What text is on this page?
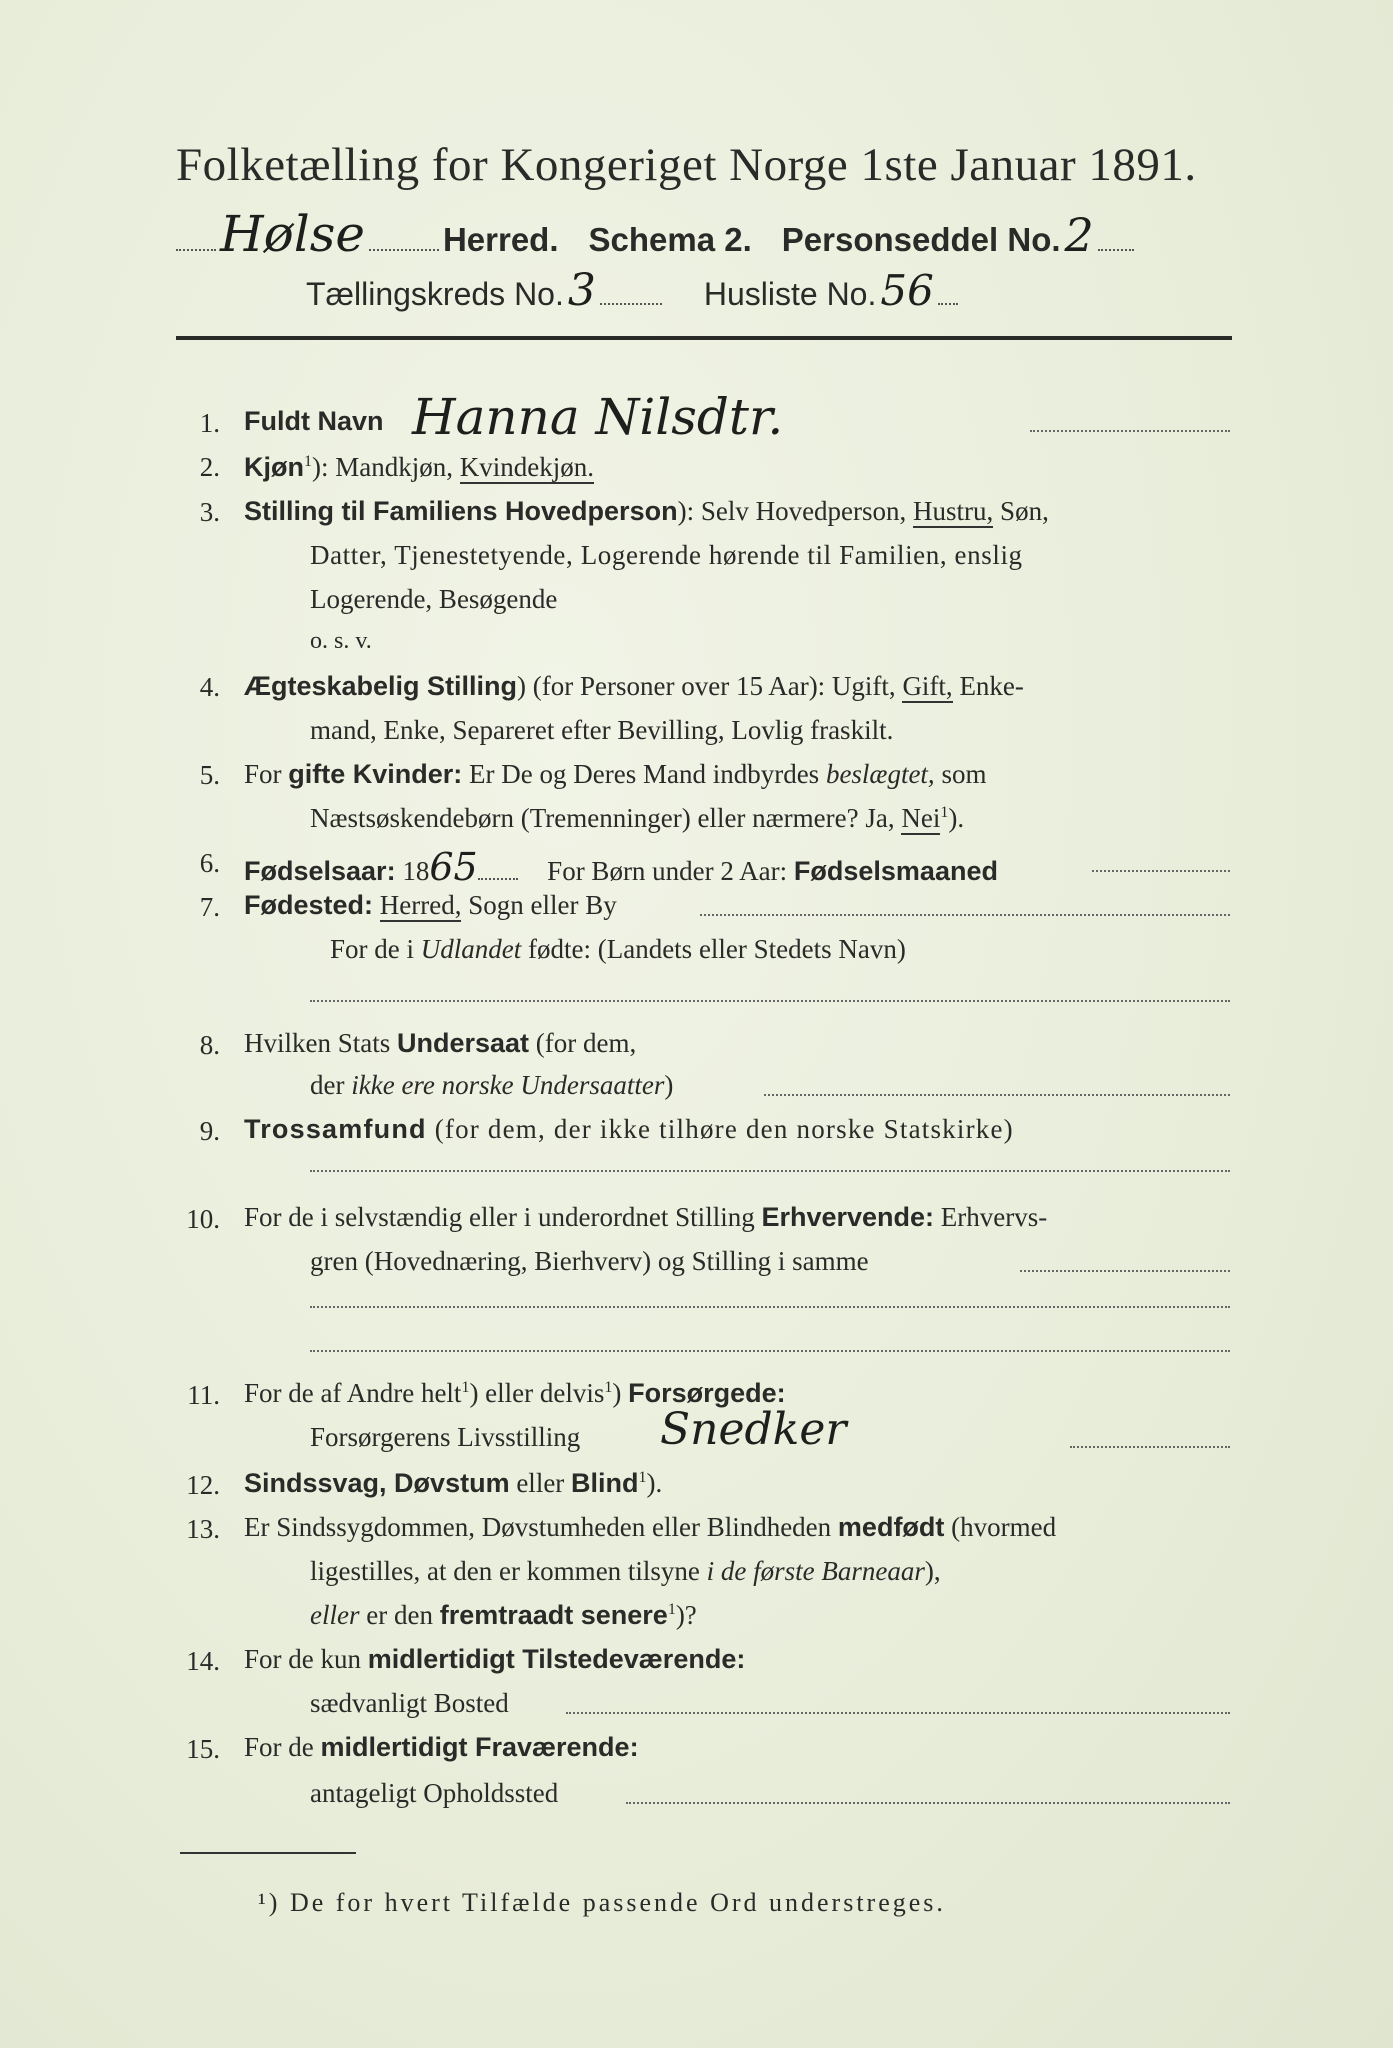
Folketælling for Kongeriget Norge 1ste Januar 1891.
Hølse Herred. Schema 2. Personseddel No. 2
Tællingskreds No. 3	Husliste No. 56
1. Fuldt Navn Hanna Nilsdtr.
2. Kjøn$^1$): Mandkjøn, Kvindekjøn.
3. Stilling til Familiens Hovedperson): Selv Hovedperson, Hustru, Søn,
Datter, Tjenestetyende, Logerende hørende til Familien, enslig
Logerende, Besøgende
o. s. v.
4. Ægteskabelig Stilling) (for Personer over 15 Aar): Ugift, Gift, Enke-
mand, Enke, Separeret efter Bevilling, Lovlig fraskilt.
5. For gifte Kvinder: Er De og Deres Mand indbyrdes beslægtet, som
Næstsøskendebørn (Tremenninger) eller nærmere? Ja, Nei$^1$).
6. Fødselsaar: 1865	For Børn under 2 Aar: Fødselsmaaned
7. Fødested: Herred, Sogn eller By
For de i Udlandet fødte: (Landets eller Stedets Navn)
8. Hvilken Stats Undersaat (for dem,
der ikke ere norske Undersaatter)
9. Trossamfund (for dem, der ikke tilhøre den norske Statskirke)
10. For de i selvstændig eller i underordnet Stilling Erhvervende: Erhvervs-
gren (Hovednæring, Bierhverv) og Stilling i samme
11. For de af Andre helt$^1$) eller delvis$^1$) Forsørgede:
Forsørgerens Livsstilling Snedker
12. Sindssvag, Døvstum eller Blind$^1$).
13. Er Sindssygdommen, Døvstumheden eller Blindheden medfødt (hvormed
ligestilles, at den er kommen tilsyne i de første Barneaar),
eller er den fremtraadt senere$^1$)?
14. For de kun midlertidigt Tilstedeværende:
sædvanligt Bosted
15. For de midlertidigt Fraværende:
antageligt Opholdssted
¹) De for hvert Tilfælde passende Ord understreges.
